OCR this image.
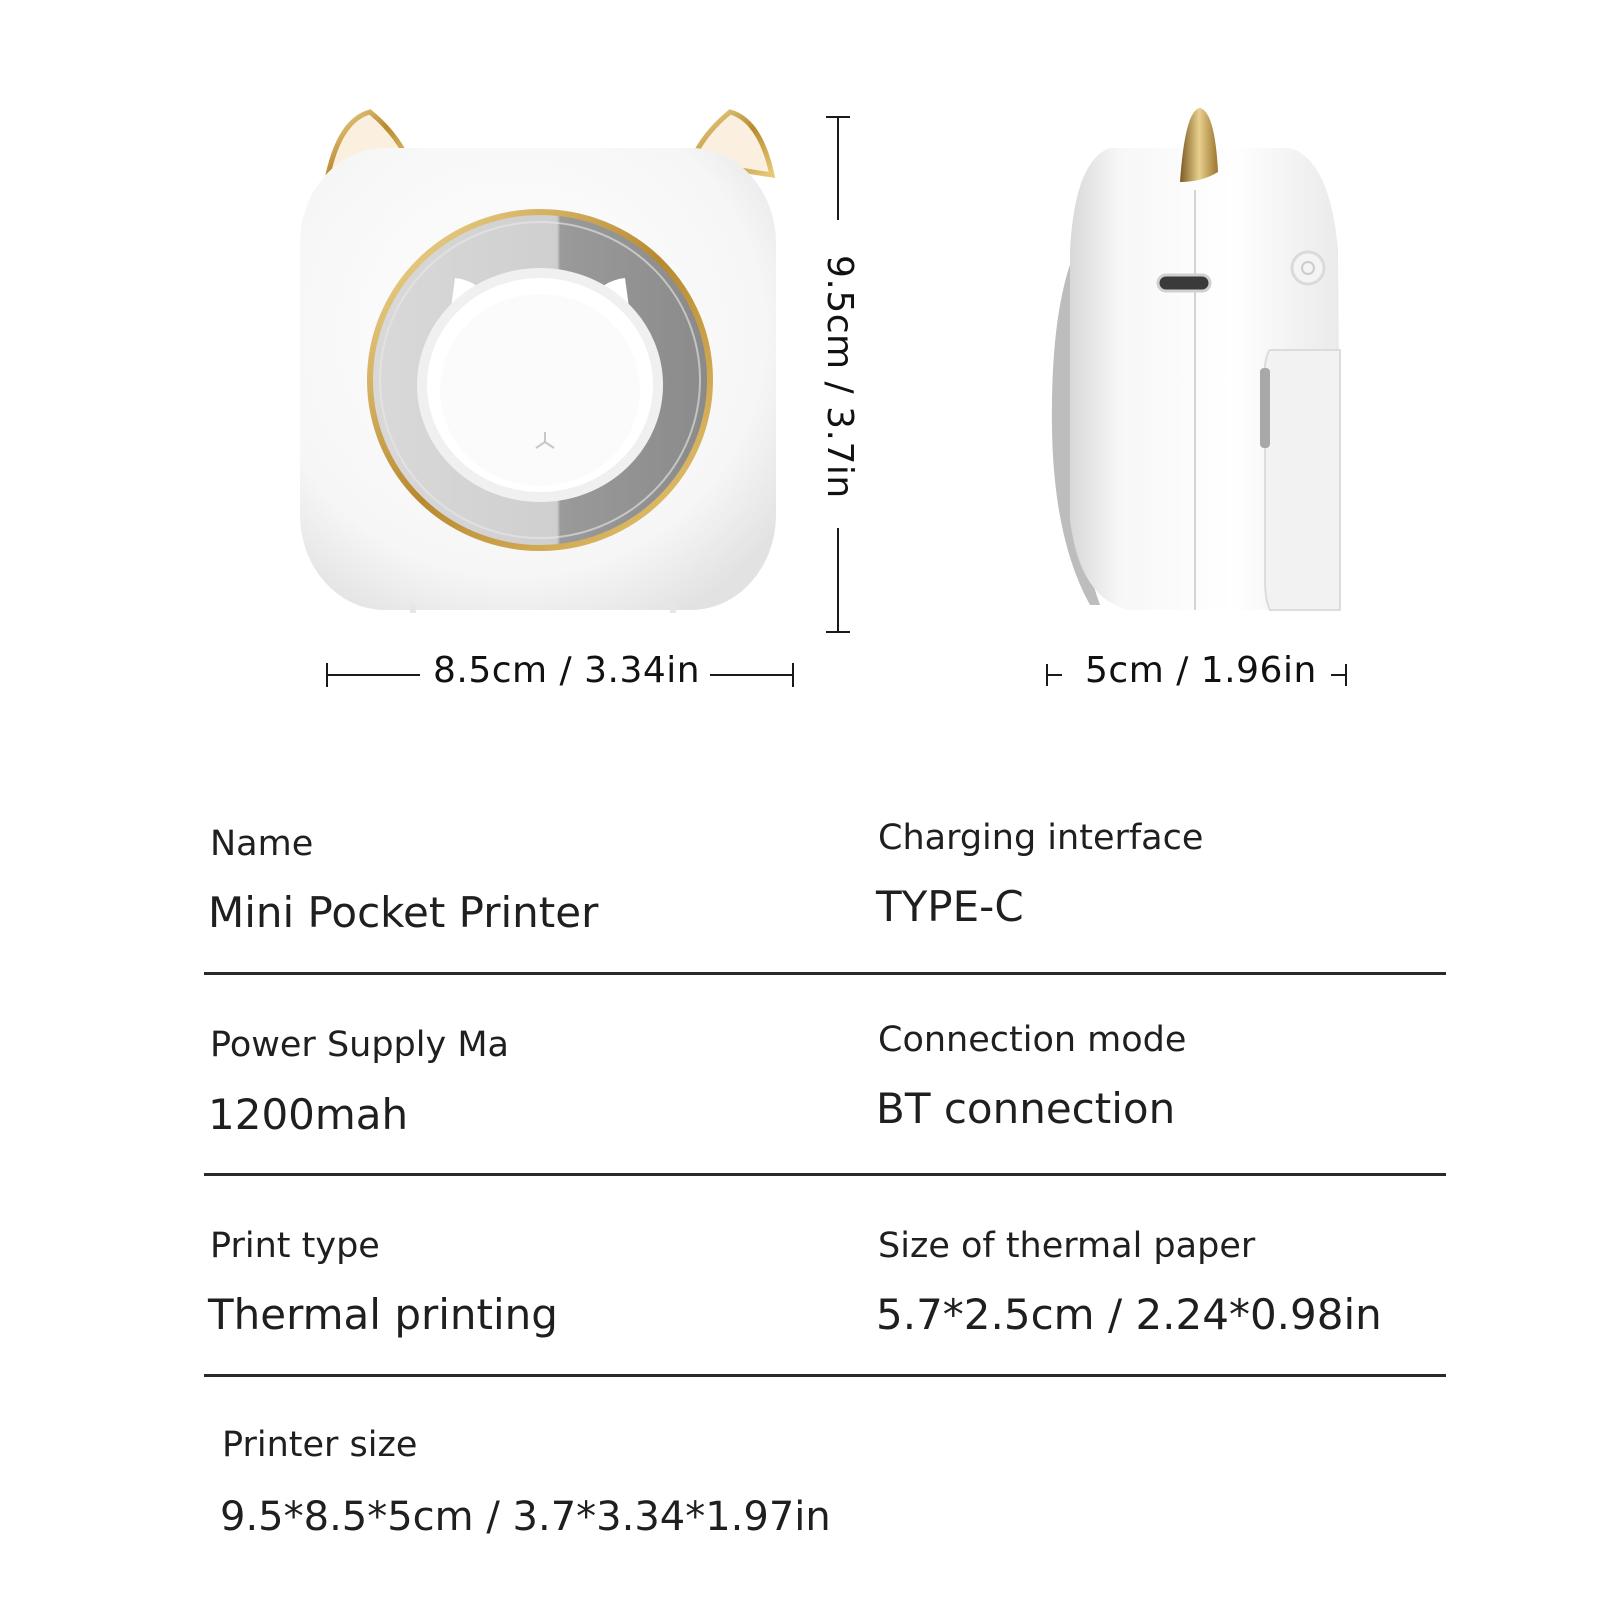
9.5cm / 3.7in
8.5cm / 3.34in	5cm / 1.96in
Name
Mini Pocket Printer
Charging interface
TYPE-C
Power Supply Ma
1200mah
Connection mode
BT connection
Print type
Thermal printing
Size of thermal paper
5.7*2.5cm / 2.24*0.98in
Printer size
9.5*8.5*5cm / 3.7*3.34*1.97in
